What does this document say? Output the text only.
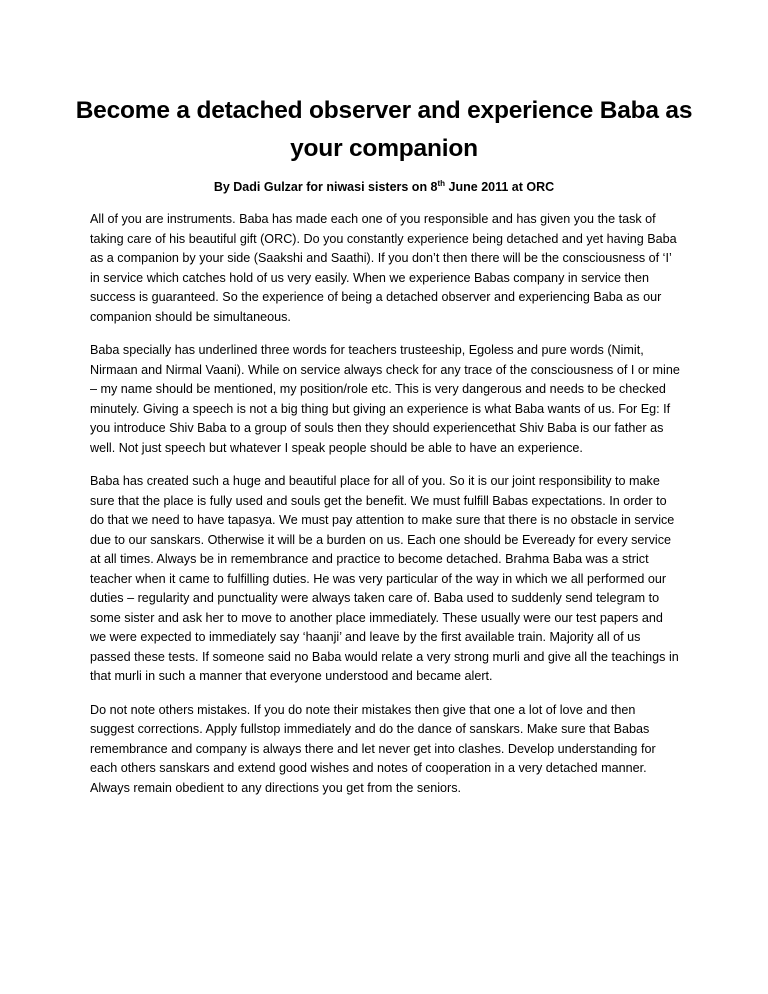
Become a detached observer and experience Baba as your companion
By Dadi Gulzar for niwasi sisters on 8th June 2011 at ORC

All of you are instruments. Baba has made each one of you responsible and has given you the task of taking care of his beautiful gift (ORC). Do you constantly experience being detached and yet having Baba as a companion by your side (Saakshi and Saathi). If you don’t then there will be the consciousness of ‘I’ in service which catches hold of us very easily. When we experience Babas company in service then success is guaranteed. So the experience of being a detached observer and experiencing Baba as our companion should be simultaneous.

Baba specially has underlined three words for teachers trusteeship, Egoless and pure words (Nimit, Nirmaan and Nirmal Vaani). While on service always check for any trace of the consciousness of I or mine – my name should be mentioned, my position/role etc. This is very dangerous and needs to be checked minutely. Giving a speech is not a big thing but giving an experience is what Baba wants of us. For Eg: If you introduce Shiv Baba to a group of souls then they should experiencethat Shiv Baba is our father as well. Not just speech but whatever I speak people should be able to have an experience.

Baba has created such a huge and beautiful place for all of you. So it is our joint responsibility to make sure that the place is fully used and souls get the benefit. We must fulfill Babas expectations. In order to do that we need to have tapasya. We must pay attention to make sure that there is no obstacle in service due to our sanskars. Otherwise it will be a burden on us. Each one should be Eveready for every service at all times. Always be in remembrance and practice to become detached. Brahma Baba was a strict teacher when it came to fulfilling duties. He was very particular of the way in which we all performed our duties – regularity and punctuality were always taken care of. Baba used to suddenly send telegram to some sister and ask her to move to another place immediately. These usually were our test papers and we were expected to immediately say ‘haanji’ and leave by the first available train. Majority all of us passed these tests. If someone said no Baba would relate a very strong murli and give all the teachings in that murli in such a manner that everyone understood and became alert.

Do not note others mistakes. If you do note their mistakes then give that one a lot of love and then suggest corrections. Apply fullstop immediately and do the dance of sanskars. Make sure that Babas remembrance and company is always there and let never get into clashes. Develop understanding for each others sanskars and extend good wishes and notes of cooperation in a very detached manner. Always remain obedient to any directions you get from the seniors.
